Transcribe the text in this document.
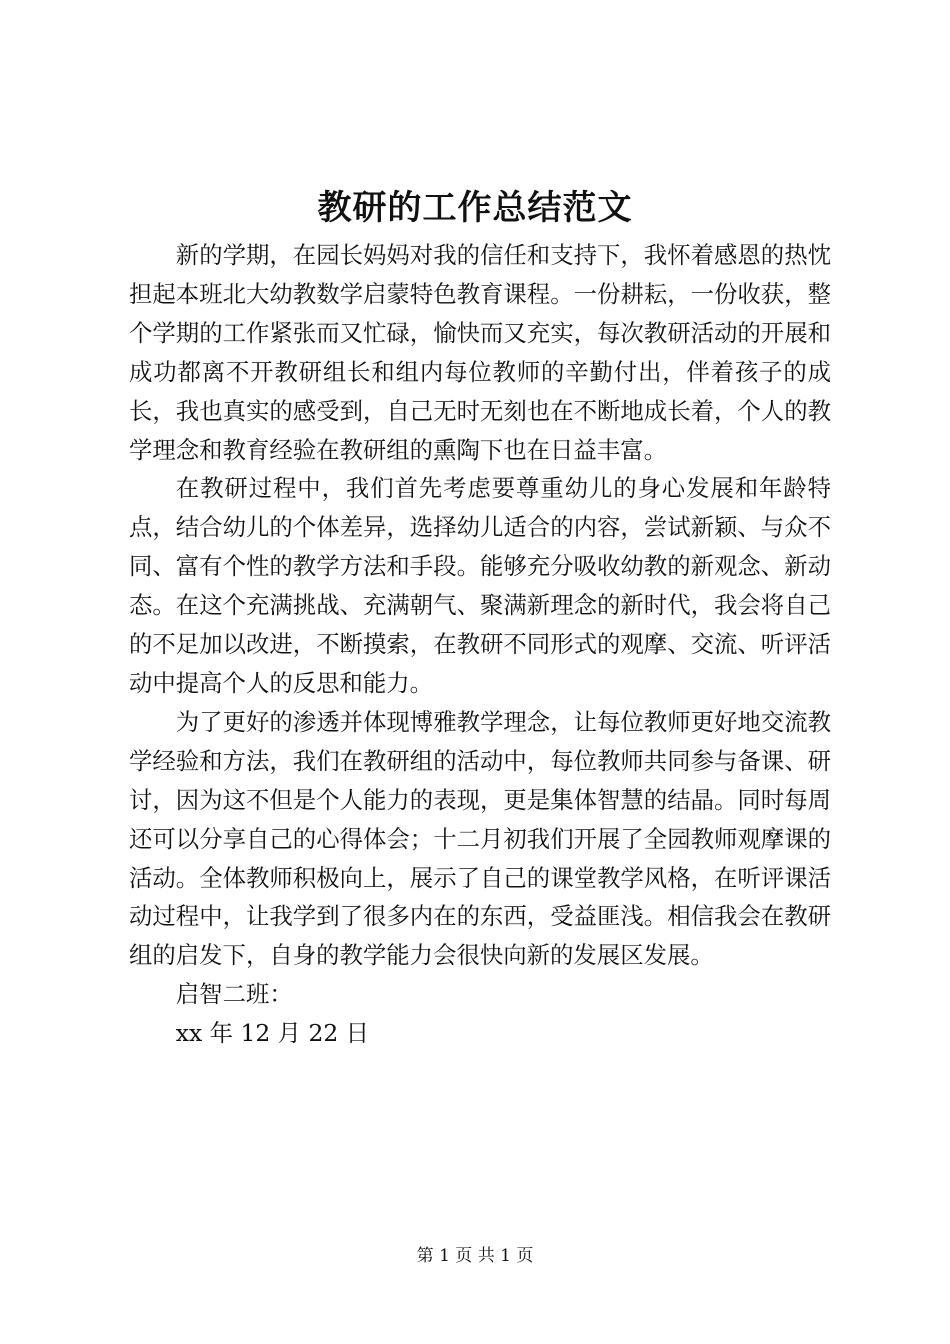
教研的工作总结范文

新的学期，在园长妈妈对我的信任和支持下，我怀着感恩的热忱担起本班北大幼教数学启蒙特色教育课程。一份耕耘，一份收获，整个学期的工作紧张而又忙碌，愉快而又充实，每次教研活动的开展和成功都离不开教研组长和组内每位教师的辛勤付出，伴着孩子的成长，我也真实的感受到，自己无时无刻也在不断地成长着，个人的教学理念和教育经验在教研组的熏陶下也在日益丰富。

在教研过程中，我们首先考虑要尊重幼儿的身心发展和年龄特点，结合幼儿的个体差异，选择幼儿适合的内容，尝试新颖、与众不同、富有个性的教学方法和手段。能够充分吸收幼教的新观念、新动态。在这个充满挑战、充满朝气、聚满新理念的新时代，我会将自己的不足加以改进，不断摸索，在教研不同形式的观摩、交流、听评活动中提高个人的反思和能力。

为了更好的渗透并体现博雅教学理念，让每位教师更好地交流教学经验和方法，我们在教研组的活动中，每位教师共同参与备课、研讨，因为这不但是个人能力的表现，更是集体智慧的结晶。同时每周还可以分享自己的心得体会；十二月初我们开展了全园教师观摩课的活动。全体教师积极向上，展示了自己的课堂教学风格，在听评课活动过程中，让我学到了很多内在的东西，受益匪浅。相信我会在教研组的启发下，自身的教学能力会很快向新的发展区发展。

启智二班：

xx 年 12 月 22 日

第 1 页 共 1 页
